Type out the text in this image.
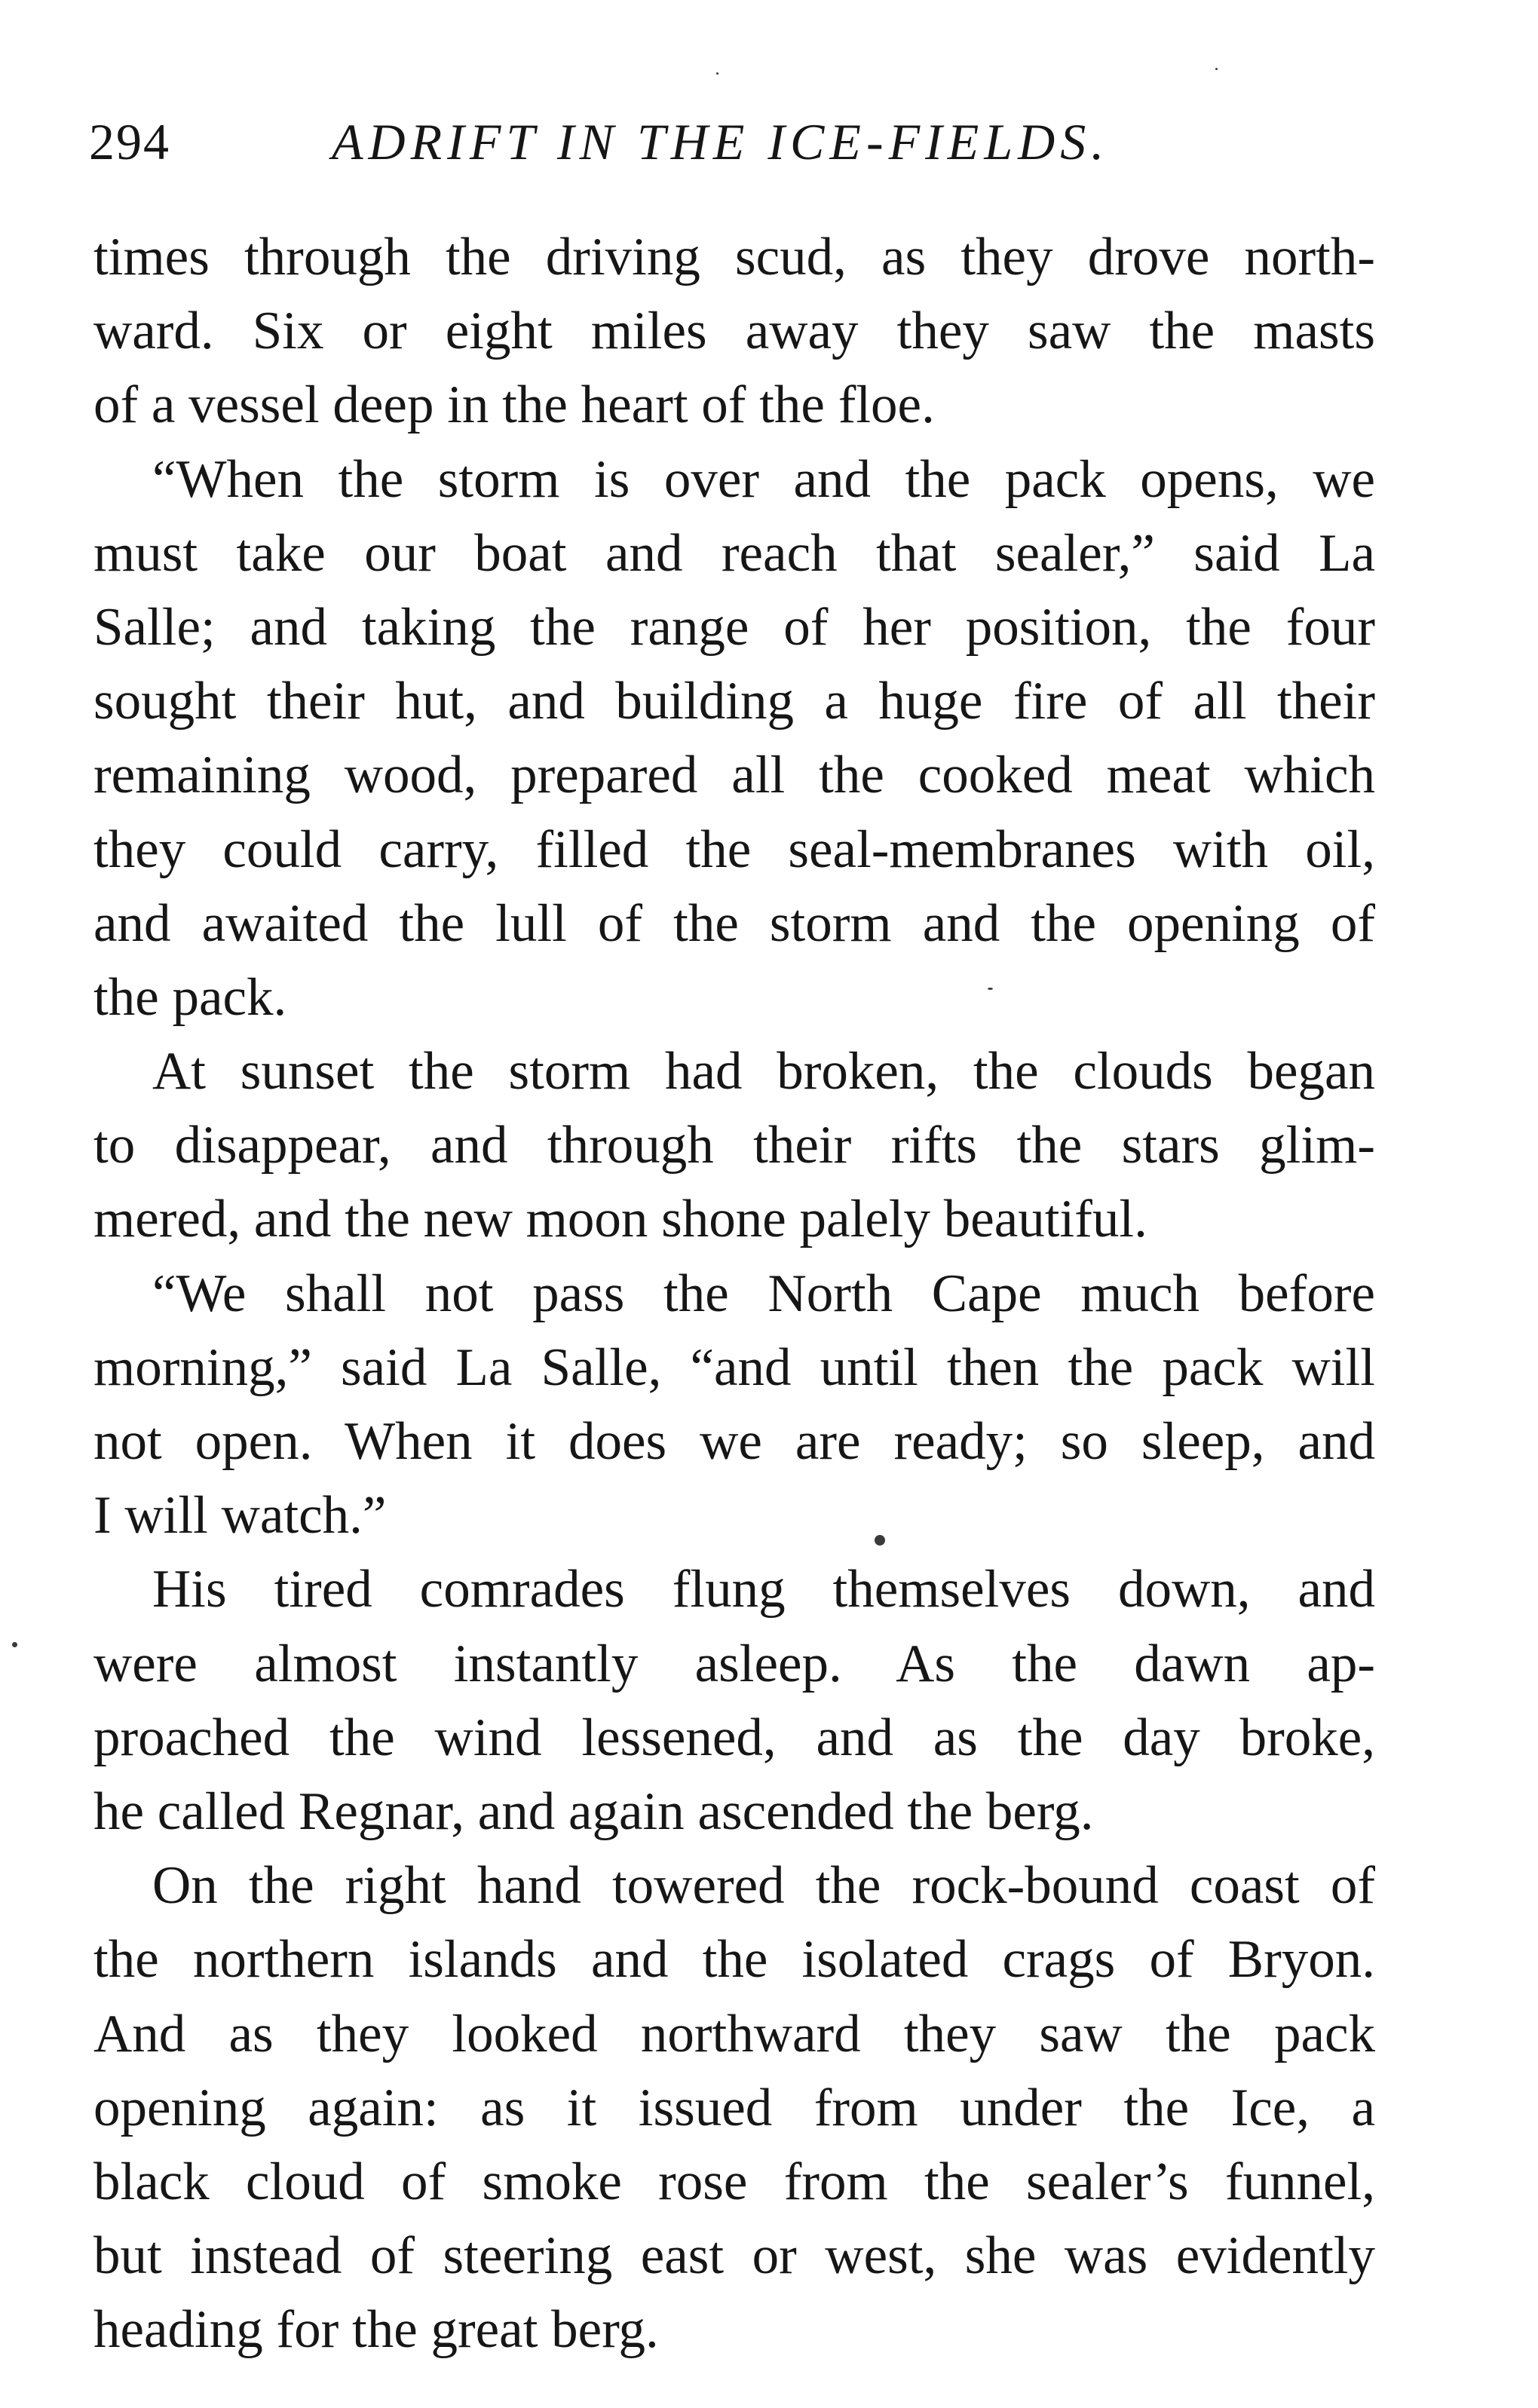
294	ADRIFT IN THE ICE-FIELDS.
times through the driving scud, as they drove north-
ward. Six or eight miles away they saw the masts
of a vessel deep in the heart of the floe.
“When the storm is over and the pack opens, we
must take our boat and reach that sealer,” said La
Salle; and taking the range of her position, the four
sought their hut, and building a huge fire of all their
remaining wood, prepared all the cooked meat which
they could carry, filled the seal-membranes with oil,
and awaited the lull of the storm and the opening of
the pack.
At sunset the storm had broken, the clouds began
to disappear, and through their rifts the stars glim-
mered, and the new moon shone palely beautiful.
“We shall not pass the North Cape much before
morning,” said La Salle, “and until then the pack will
not open. When it does we are ready; so sleep, and
I will watch.”
His tired comrades flung themselves down, and
were almost instantly asleep. As the dawn ap-
proached the wind lessened, and as the day broke,
he called Regnar, and again ascended the berg.
On the right hand towered the rock-bound coast of
the northern islands and the isolated crags of Bryon.
And as they looked northward they saw the pack
opening again: as it issued from under the Ice, a
black cloud of smoke rose from the sealer’s funnel,
but instead of steering east or west, she was evidently
heading for the great berg.
